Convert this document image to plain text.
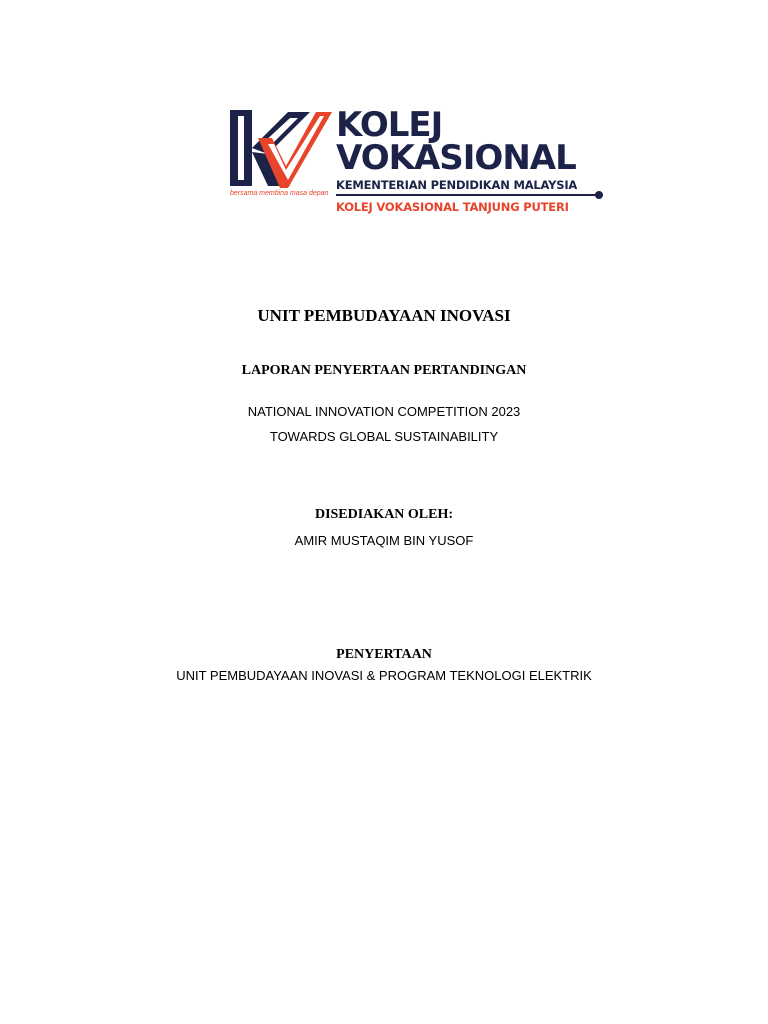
bersama membina masa depan
KOLEJ
VOKASIONAL
KEMENTERIAN PENDIDIKAN MALAYSIA
KOLEJ VOKASIONAL TANJUNG PUTERI
UNIT PEMBUDAYAAN INOVASI
LAPORAN PENYERTAAN PERTANDINGAN
NATIONAL INNOVATION COMPETITION 2023
TOWARDS GLOBAL SUSTAINABILITY
DISEDIAKAN OLEH:
AMIR MUSTAQIM BIN YUSOF
PENYERTAAN
UNIT PEMBUDAYAAN INOVASI & PROGRAM TEKNOLOGI ELEKTRIK
